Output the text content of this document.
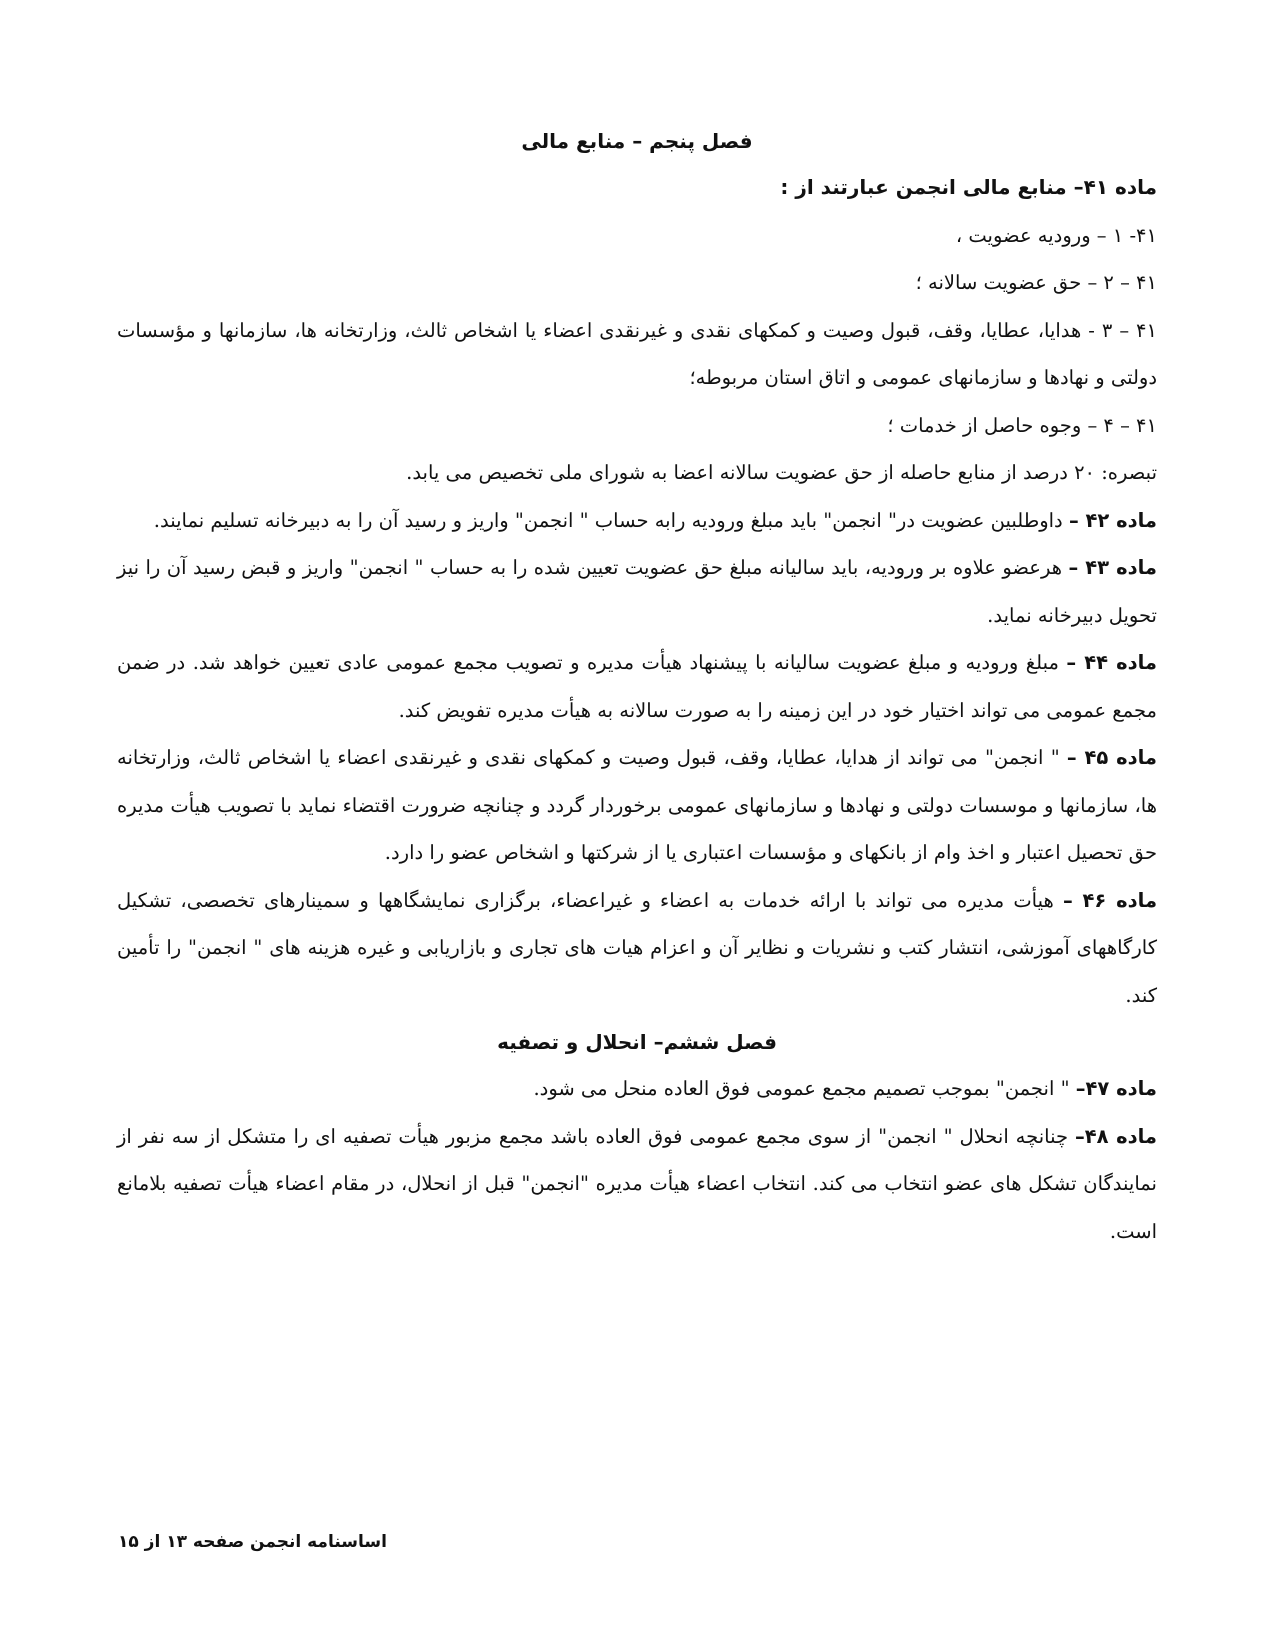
فصل پنجم – منابع مالی

ماده ۴۱– منابع مالی انجمن عبارتند از :

۴۱- ۱ – ورودیه عضویت ،

۴۱ – ۲ – حق عضویت سالانه ؛

۴۱ – ۳ - هدایا، عطایا، وقف، قبول وصیت و کمکهای نقدی و غیرنقدی اعضاء یا اشخاص ثالث، وزارتخانه ها، سازمانها و مؤسسات دولتی و نهادها و سازمانهای عمومی و اتاق استان مربوطه؛

۴۱ – ۴ – وجوه حاصل از خدمات ؛

تبصره: ۲۰ درصد از منابع حاصله از حق عضویت سالانه اعضا به شورای ملی تخصیص می یابد.

ماده ۴۲ – داوطلبین عضویت در" انجمن" باید مبلغ ورودیه رابه حساب " انجمن" واریز و رسید آن را به دبیرخانه تسلیم نمایند.

ماده ۴۳ – هرعضو علاوه بر ورودیه، باید سالیانه مبلغ حق عضویت تعیین شده را به حساب " انجمن" واریز و قبض رسید آن را نیز تحویل دبیرخانه نماید.

ماده ۴۴ – مبلغ ورودیه و مبلغ عضویت سالیانه با پیشنهاد هیأت مدیره و تصویب مجمع عمومی عادی تعیین خواهد شد. در ضمن مجمع عمومی می تواند اختیار خود در این زمینه را به صورت سالانه به هیأت مدیره تفویض کند.

ماده ۴۵ – " انجمن" می تواند از هدایا، عطایا، وقف، قبول وصیت و کمکهای نقدی و غیرنقدی اعضاء یا اشخاص ثالث، وزارتخانه ها، سازمانها و موسسات دولتی و نهادها و سازمانهای عمومی برخوردار گردد و چنانچه ضرورت اقتضاء نماید با تصویب هیأت مدیره حق تحصیل اعتبار و اخذ وام از بانکهای و مؤسسات اعتباری یا از شرکتها و اشخاص عضو را دارد.

ماده ۴۶ – هیأت مدیره می تواند با ارائه خدمات به اعضاء و غیراعضاء، برگزاری نمایشگاهها و سمینارهای تخصصی، تشکیل کارگاههای آموزشی، انتشار کتب و نشریات و نظایر آن و اعزام هیات های تجاری و بازاریابی و غیره هزینه های " انجمن" را تأمین کند.

فصل ششم– انحلال و تصفیه

ماده ۴۷– " انجمن" بموجب تصمیم مجمع عمومی فوق العاده منحل می شود.

ماده ۴۸– چنانچه انحلال " انجمن" از سوی مجمع عمومی فوق العاده باشد مجمع مزبور هیأت تصفیه ای را متشکل از سه نفر از نمایندگان تشکل های عضو انتخاب می کند. انتخاب اعضاء هیأت مدیره "انجمن" قبل از انحلال، در مقام اعضاء هیأت تصفیه بلامانع است.

اساسنامه انجمن صفحه ۱۳ از ۱۵
